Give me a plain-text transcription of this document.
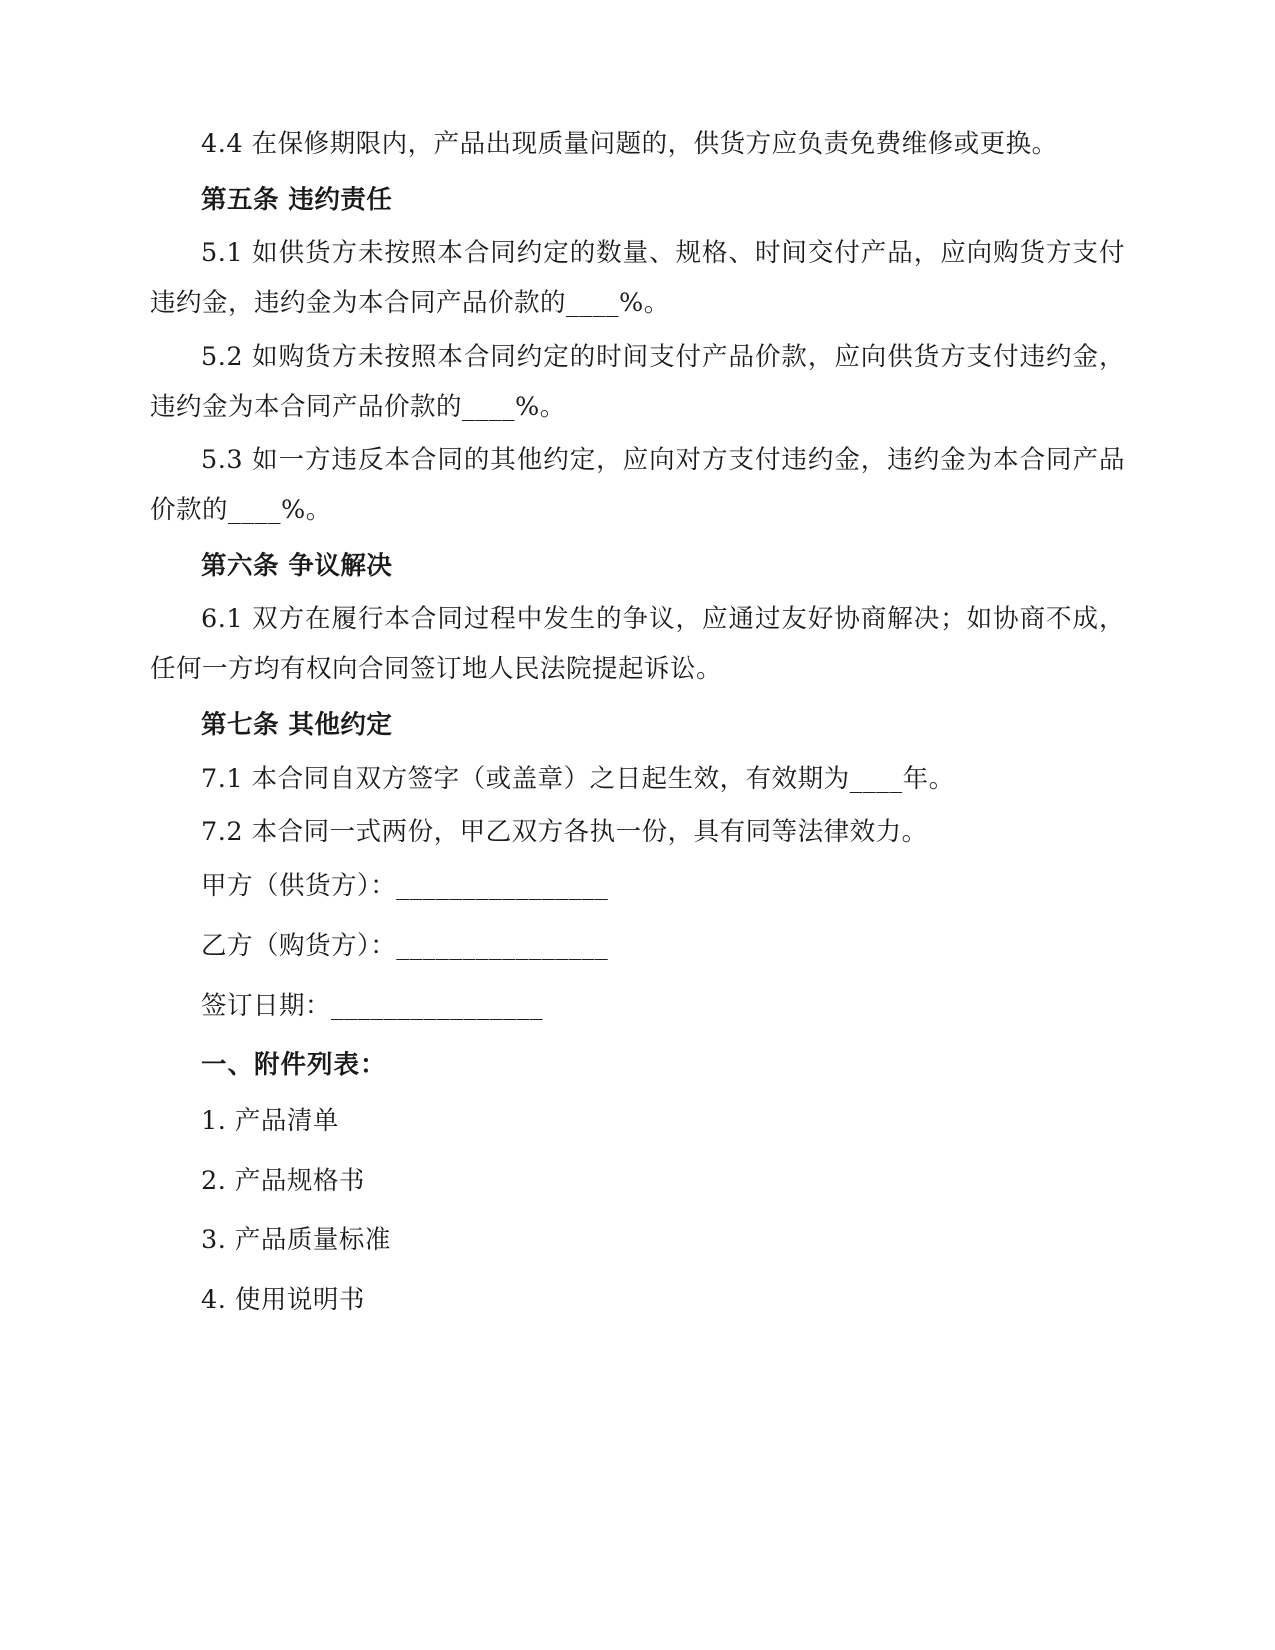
4.4 在保修期限内，产品出现质量问题的，供货方应负责免费维修或更换。

第五条 违约责任

5.1 如供货方未按照本合同约定的数量、规格、时间交付产品，应向购货方支付违约金，违约金为本合同产品价款的____%。

5.2 如购货方未按照本合同约定的时间支付产品价款，应向供货方支付违约金，违约金为本合同产品价款的____%。

5.3 如一方违反本合同的其他约定，应向对方支付违约金，违约金为本合同产品价款的____%。

第六条 争议解决

6.1 双方在履行本合同过程中发生的争议，应通过友好协商解决；如协商不成，任何一方均有权向合同签订地人民法院提起诉讼。

第七条 其他约定

7.1 本合同自双方签字（或盖章）之日起生效，有效期为____年。

7.2 本合同一式两份，甲乙双方各执一份，具有同等法律效力。

甲方（供货方）：________________

乙方（购货方）：________________

签订日期：________________

一、附件列表：

1. 产品清单

2. 产品规格书

3. 产品质量标准

4. 使用说明书
